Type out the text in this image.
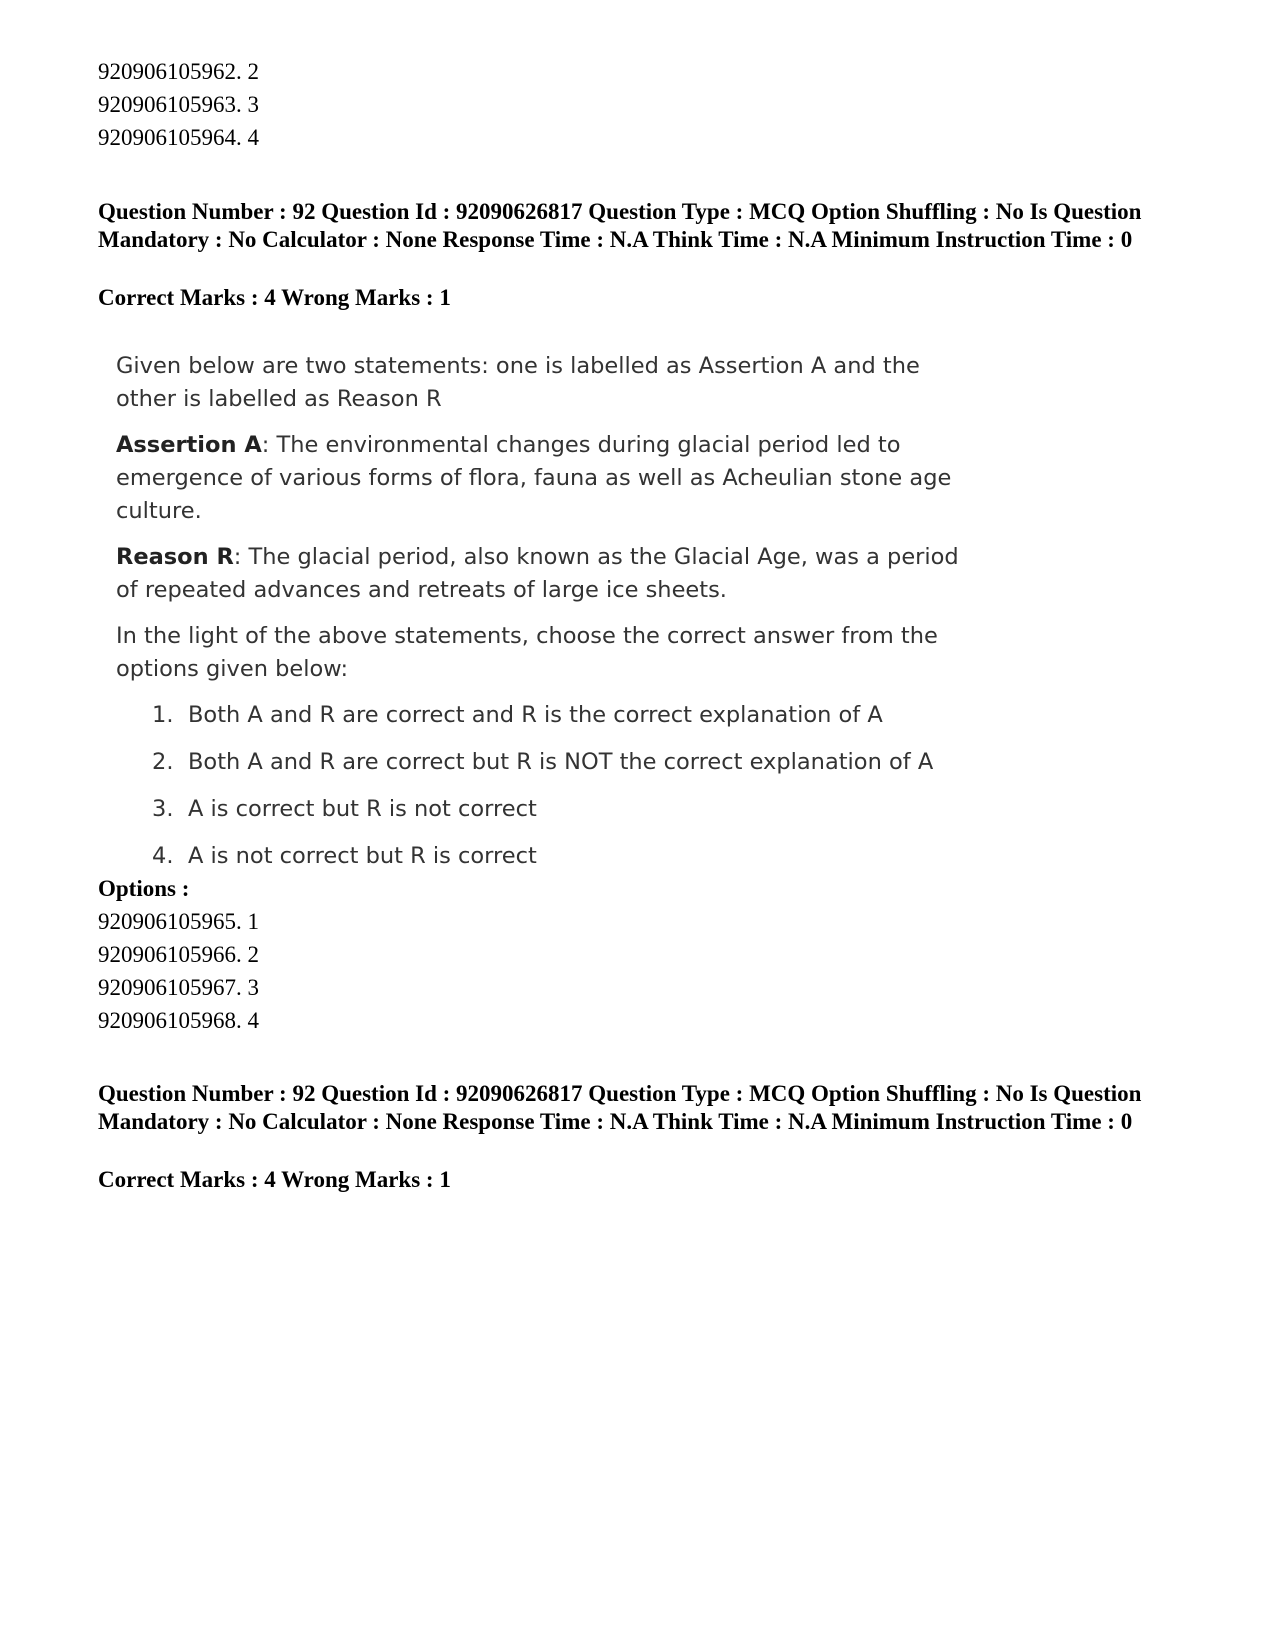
920906105962. 2
920906105963. 3
920906105964. 4

Question Number : 92 Question Id : 92090626817 Question Type : MCQ Option Shuffling : No Is Question Mandatory : No Calculator : None Response Time : N.A Think Time : N.A Minimum Instruction Time : 0

Correct Marks : 4 Wrong Marks : 1

Given below are two statements: one is labelled as Assertion A and the other is labelled as Reason R

Assertion A: The environmental changes during glacial period led to emergence of various forms of flora, fauna as well as Acheulian stone age culture.

Reason R: The glacial period, also known as the Glacial Age, was a period of repeated advances and retreats of large ice sheets.

In the light of the above statements, choose the correct answer from the options given below:

1. Both A and R are correct and R is the correct explanation of A
2. Both A and R are correct but R is NOT the correct explanation of A
3. A is correct but R is not correct
4. A is not correct but R is correct
Options :
920906105965. 1
920906105966. 2
920906105967. 3
920906105968. 4

Question Number : 92 Question Id : 92090626817 Question Type : MCQ Option Shuffling : No Is Question Mandatory : No Calculator : None Response Time : N.A Think Time : N.A Minimum Instruction Time : 0

Correct Marks : 4 Wrong Marks : 1
